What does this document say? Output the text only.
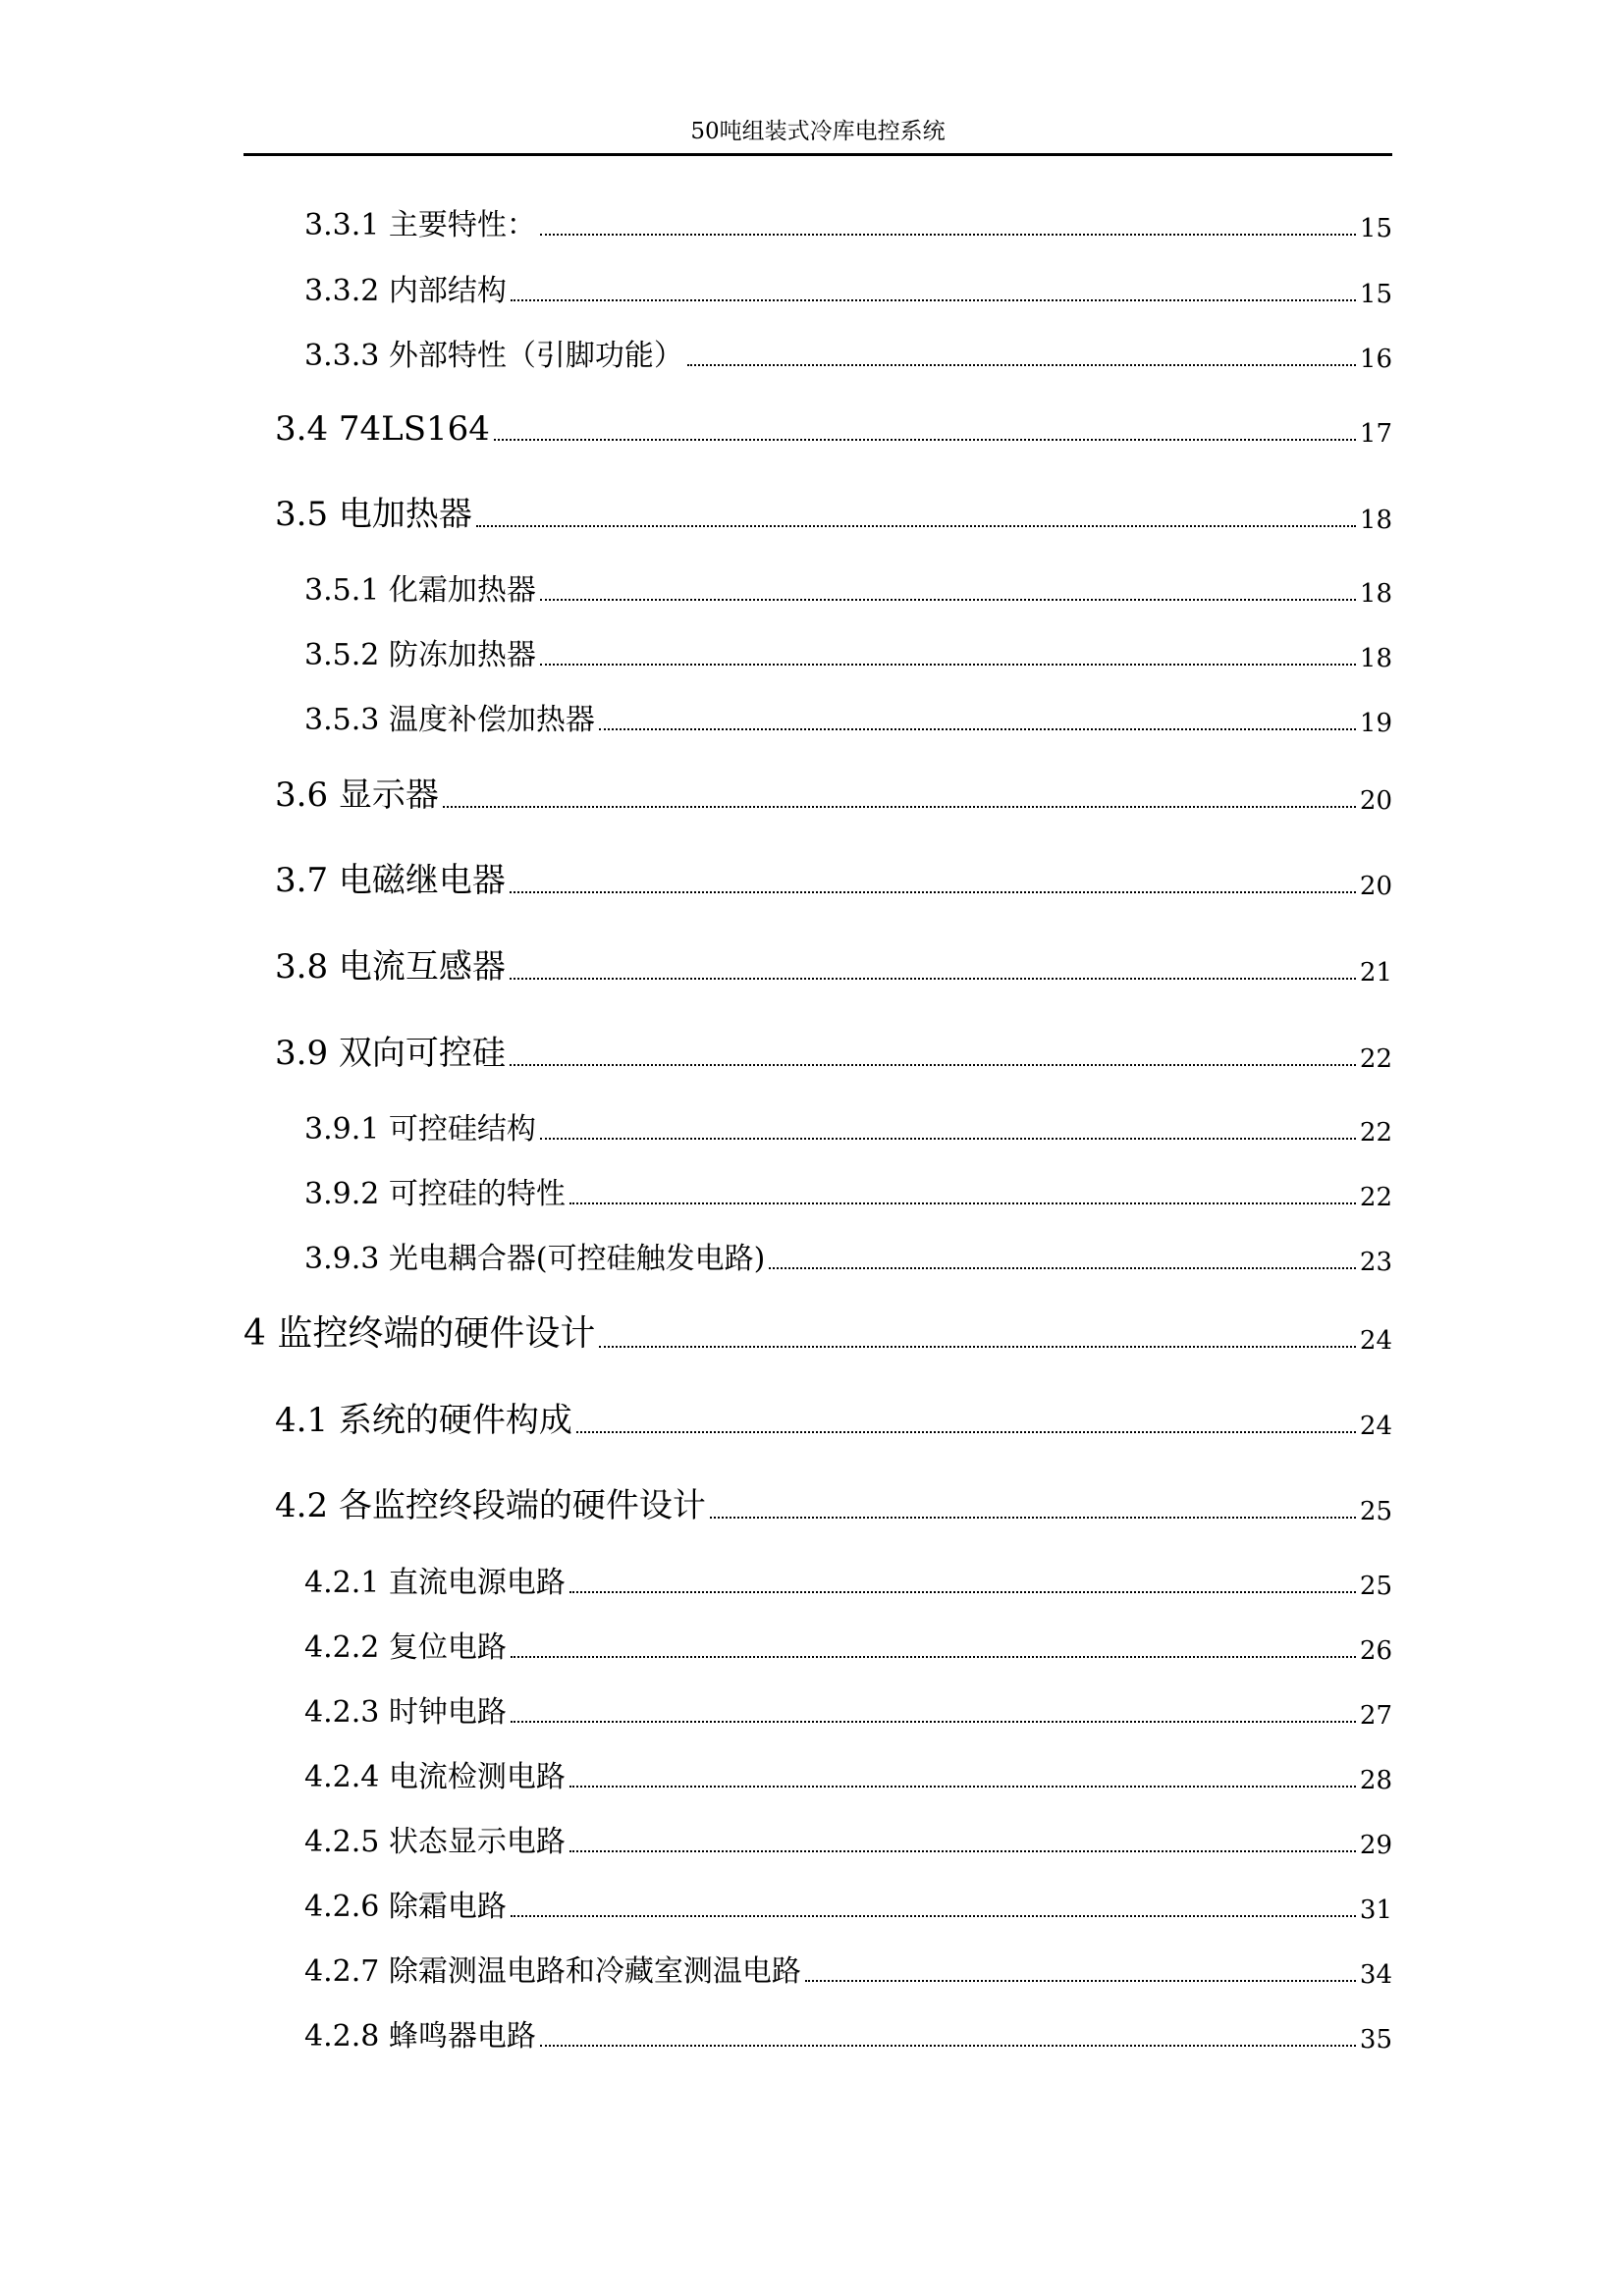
50吨组装式冷库电控系统
3.3.1 主要特性：	15
3.3.2 内部结构	15
3.3.3 外部特性（引脚功能）	16
3.4 74LS164	17
3.5 电加热器	18
3.5.1 化霜加热器	18
3.5.2 防冻加热器	18
3.5.3 温度补偿加热器	19
3.6 显示器	20
3.7 电磁继电器	20
3.8 电流互感器	21
3.9 双向可控硅	22
3.9.1 可控硅结构	22
3.9.2 可控硅的特性	22
3.9.3 光电耦合器(可控硅触发电路)	23
4 监控终端的硬件设计	24
4.1 系统的硬件构成	24
4.2 各监控终段端的硬件设计	25
4.2.1 直流电源电路	25
4.2.2 复位电路	26
4.2.3 时钟电路	27
4.2.4 电流检测电路	28
4.2.5 状态显示电路	29
4.2.6 除霜电路	31
4.2.7 除霜测温电路和冷藏室测温电路	34
4.2.8 蜂鸣器电路	35
